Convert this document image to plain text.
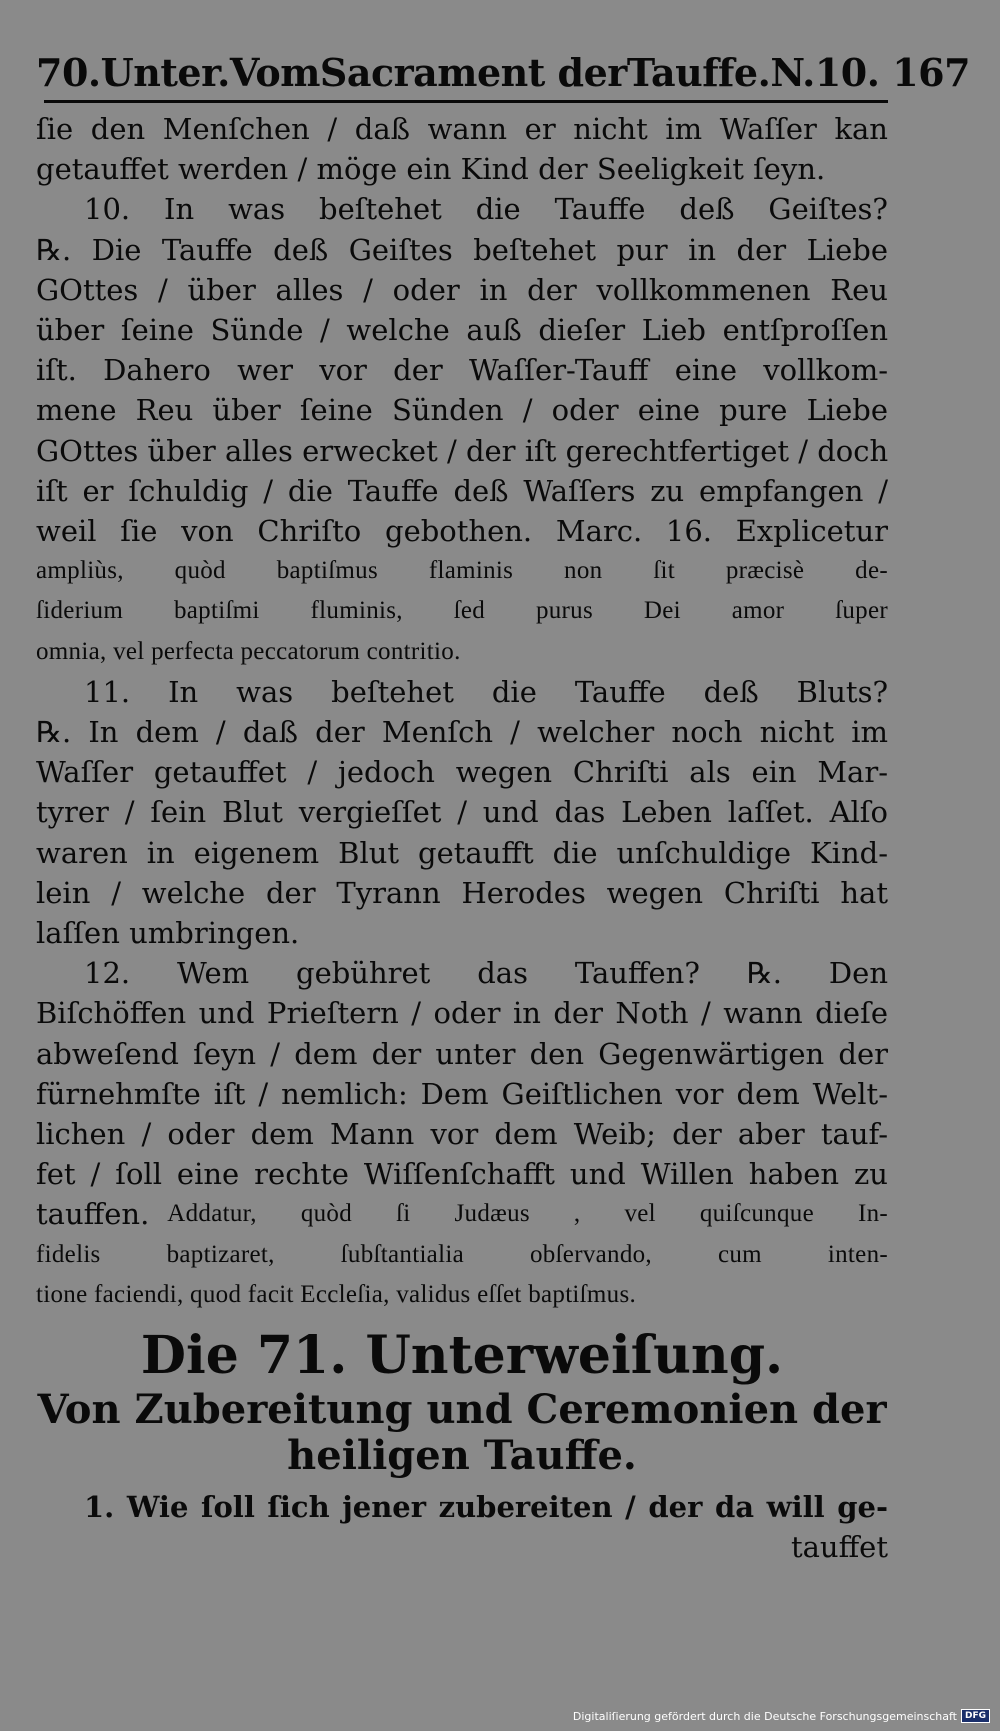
70.Unter.VomSacrament derTauffe.N.10. 167
ſie den Menſchen / daß wann er nicht im Waſſer kan
getauffet werden / möge ein Kind der Seeligkeit ſeyn.
10. In was beſtehet die Tauffe deß Geiſtes?
℞. Die Tauffe deß Geiſtes beſtehet pur in der Liebe
GOttes / über alles / oder in der vollkommenen Reu
über ſeine Sünde / welche auß dieſer Lieb entſproſſen
iſt. Dahero wer vor der Waſſer-Tauff eine vollkom-
mene Reu über ſeine Sünden / oder eine pure Liebe
GOttes über alles erwecket / der iſt gerechtfertiget / doch
iſt er ſchuldig / die Tauffe deß Waſſers zu empfangen /
weil ſie von Chriſto gebothen. Marc. 16. Explicetur
ampliùs, quòd baptiſmus flaminis non ſit præcisè de-
ſiderium baptiſmi fluminis, ſed purus Dei amor ſuper
omnia, vel perfecta peccatorum contritio.
11. In was beſtehet die Tauffe deß Bluts?
℞. In dem / daß der Menſch / welcher noch nicht im
Waſſer getauffet / jedoch wegen Chriſti als ein Mar-
tyrer / ſein Blut vergieſſet / und das Leben laſſet. Alſo
waren in eigenem Blut getaufft die unſchuldige Kind-
lein / welche der Tyrann Herodes wegen Chriſti hat
laſſen umbringen.
12. Wem gebühret das Tauffen? ℞. Den
Biſchöffen und Prieſtern / oder in der Noth / wann dieſe
abweſend ſeyn / dem der unter den Gegenwärtigen der
fürnehmſte iſt / nemlich: Dem Geiſtlichen vor dem Welt-
lichen / oder dem Mann vor dem Weib; der aber tauf-
fet / ſoll eine rechte Wiſſenſchafft und Willen haben zu
tauffen. Addatur, quòd ſi Judæus , vel quiſcunque In-
fidelis baptizaret, ſubſtantialia obſervando, cum inten-
tione faciendi, quod facit Eccleſia, validus eſſet baptiſmus.
Die 71. Unterweiſung.
Von Zubereitung und Ceremonien der
heiligen Tauffe.
1. Wie ſoll ſich jener zubereiten / der da will ge-
tauffet
Digitaliſierung gefördert durch die Deutsche Forschungsgemeinschaft DFG
